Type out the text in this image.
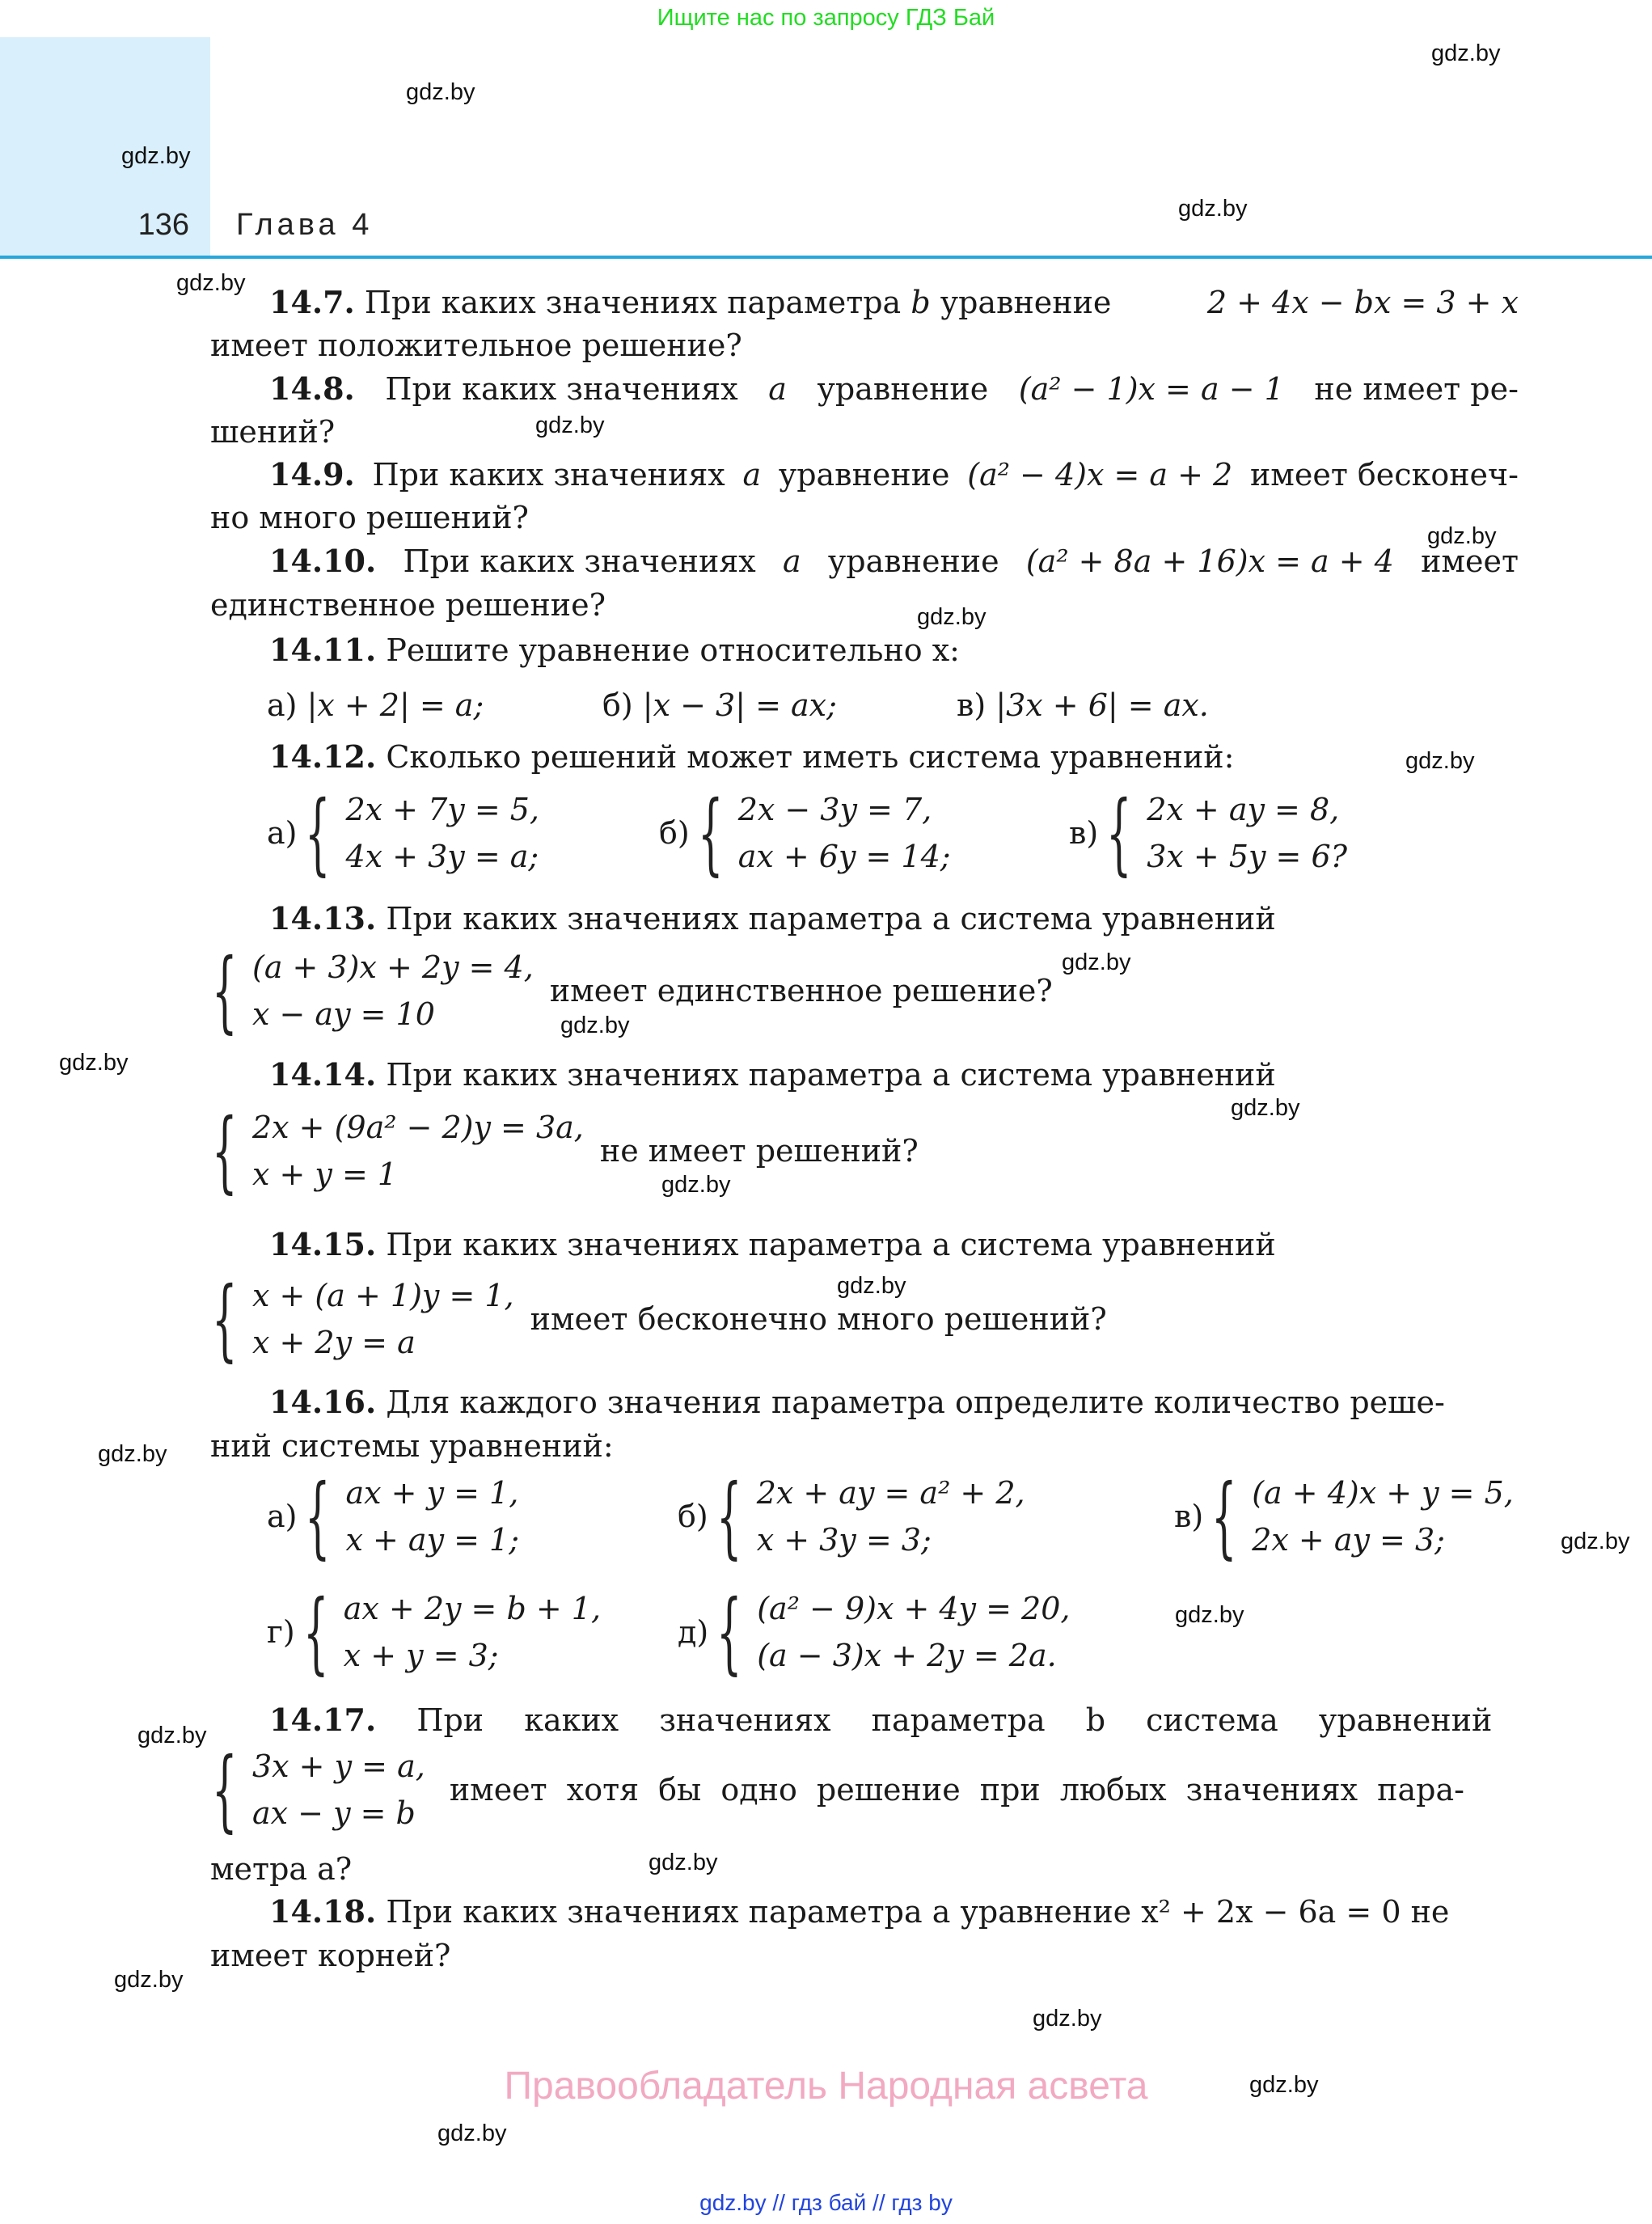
Ищите нас по запросу ГДЗ Бай
136 Глава 4
gdz.by
gdz.by
gdz.by
gdz.by
gdz.by
gdz.by
gdz.by
gdz.by
gdz.by
gdz.by
gdz.by
gdz.by
gdz.by
gdz.by
gdz.by
gdz.by
gdz.by
gdz.by
gdz.by
gdz.by
gdz.by
gdz.by
gdz.by
gdz.by
14.7. При каких значениях параметра b уравнение	2 + 4x − bx = 3 + x
имеет положительное решение?
14.8. При каких значениях a уравнение (a² − 1)x = a − 1 не имеет ре-
шений?
14.9. При каких значениях a уравнение (a² − 4)x = a + 2 имеет бесконеч-
но много решений?
14.10. При каких значениях a уравнение (a² + 8a + 16)x = a + 4 имеет
единственное решение?
14.11. Решите уравнение относительно x:
а) |x + 2| = a;	б) |x − 3| = ax;	в) |3x + 6| = ax.
14.12. Сколько решений может иметь система уравнений:
а) { 2x + 7y = 5,
4x + 3y = a;
б) { 2x − 3y = 7,
ax + 6y = 14;
в) { 2x + ay = 8,
3x + 5y = 6?
14.13. При каких значениях параметра a система уравнений
{ (a + 3)x + 2y = 4,
x − ay = 10
имеет единственное решение?
14.14. При каких значениях параметра a система уравнений
{ 2x + (9a² − 2)y = 3a,
x + y = 1
не имеет решений?
14.15. При каких значениях параметра a система уравнений
{ x + (a + 1)y = 1,
x + 2y = a
имеет бесконечно много решений?
14.16. Для каждого значения параметра определите количество реше-
ний системы уравнений:
а) { ax + y = 1,
x + ay = 1;
б) { 2x + ay = a² + 2,
x + 3y = 3;
в) { (a + 4)x + y = 5,
2x + ay = 3;
г) { ax + 2y = b + 1,
x + y = 3;
д) { (a² − 9)x + 4y = 20,
(a − 3)x + 2y = 2a.
14.17. При каких значениях параметра b система уравнений
{ 3x + y = a,
ax − y = b
имеет хотя бы одно решение при любых значениях пара-
метра a?
14.18. При каких значениях параметра a уравнение x² + 2x − 6a = 0 не
имеет корней?
Правообладатель Народная асвета
gdz.by // гдз бай // гдз by
